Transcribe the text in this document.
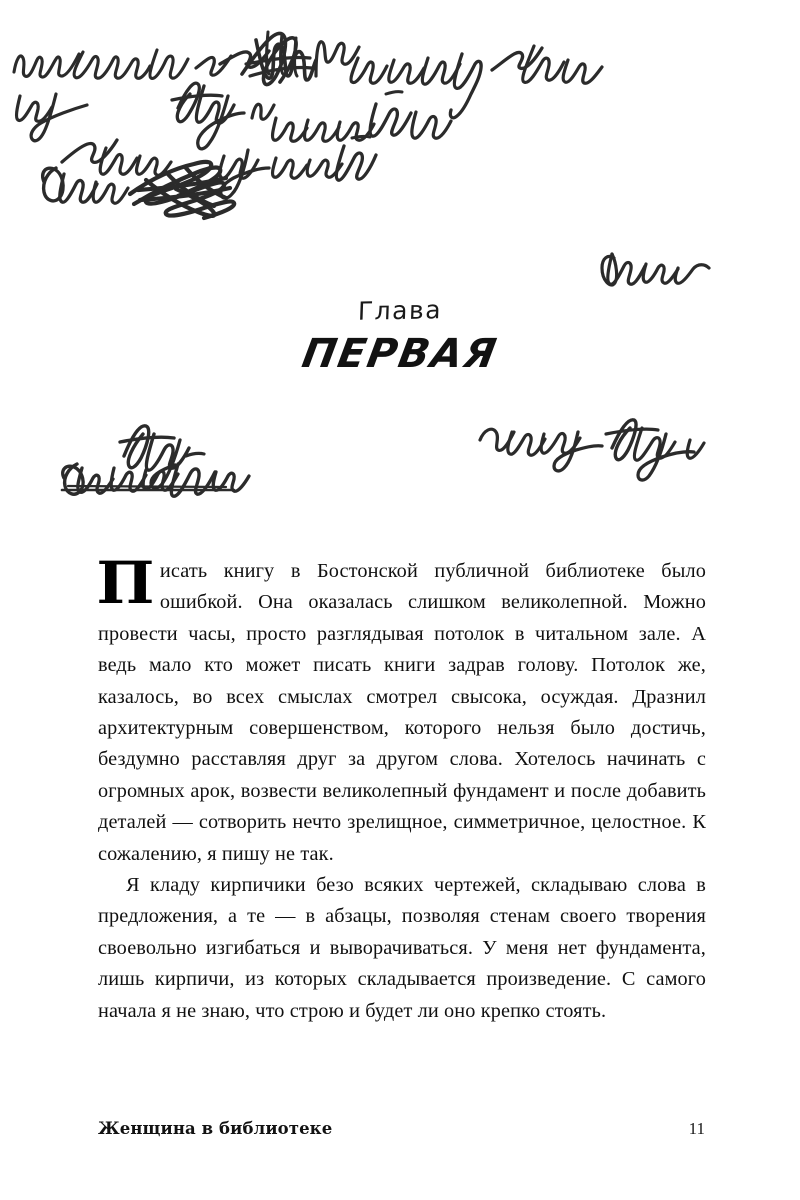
Глава
ПЕРВАЯ

Писать книгу в Бостонской публичной библиотеке было ошибкой. Она оказалась слишком великолепной. Можно провести часы, просто разглядывая потолок в читальном зале. А ведь мало кто может писать книги задрав голову. Потолок же, казалось, во всех смыслах смотрел свысока, осуждая. Дразнил архитектурным совершенством, которого нельзя было достичь, бездумно расставляя друг за другом слова. Хотелось начинать с огромных арок, возвести великолепный фундамент и после добавить деталей — сотворить нечто зрелищное, симметричное, целостное. К сожалению, я пишу не так.

Я кладу кирпичики безо всяких чертежей, складываю слова в предложения, а те — в абзацы, позволяя стенам своего творения своевольно изгибаться и выворачиваться. У меня нет фундамента, лишь кирпичи, из которых складывается произведение. С самого начала я не знаю, что строю и будет ли оно крепко стоять.

Женщина в библиотеке	11
